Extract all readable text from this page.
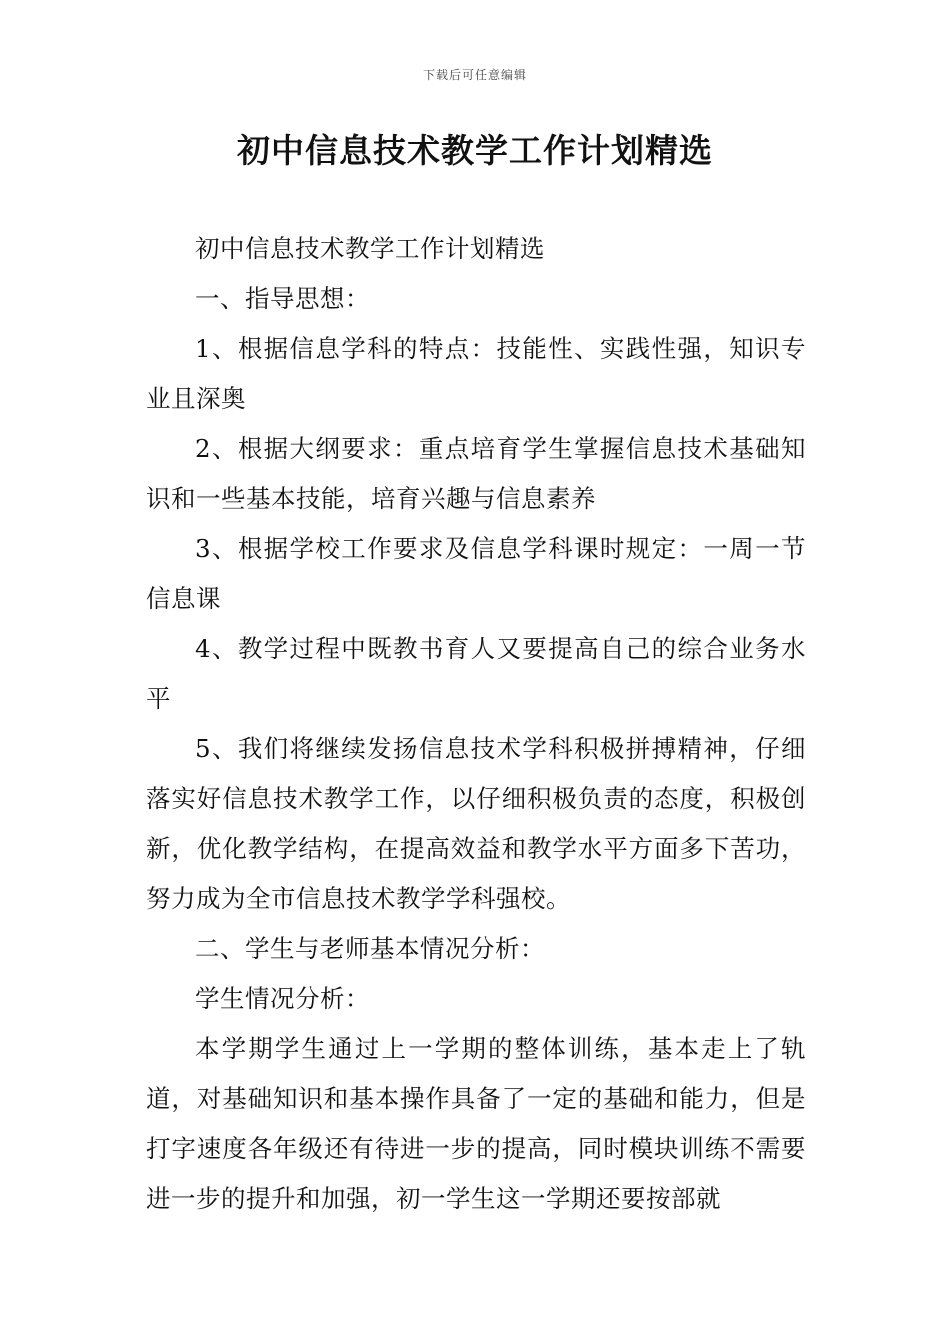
下载后可任意编辑
初中信息技术教学工作计划精选

初中信息技术教学工作计划精选

一、指导思想：

1、根据信息学科的特点：技能性、实践性强，知识专业且深奥

2、根据大纲要求：重点培育学生掌握信息技术基础知识和一些基本技能，培育兴趣与信息素养

3、根据学校工作要求及信息学科课时规定：一周一节信息课

4、教学过程中既教书育人又要提高自己的综合业务水平

5、我们将继续发扬信息技术学科积极拼搏精神，仔细落实好信息技术教学工作，以仔细积极负责的态度，积极创新，优化教学结构，在提高效益和教学水平方面多下苦功，努力成为全市信息技术教学学科强校。

二、学生与老师基本情况分析：

学生情况分析：

本学期学生通过上一学期的整体训练，基本走上了轨道，对基础知识和基本操作具备了一定的基础和能力，但是打字速度各年级还有待进一步的提高，同时模块训练不需要进一步的提升和加强，初一学生这一学期还要按部就
